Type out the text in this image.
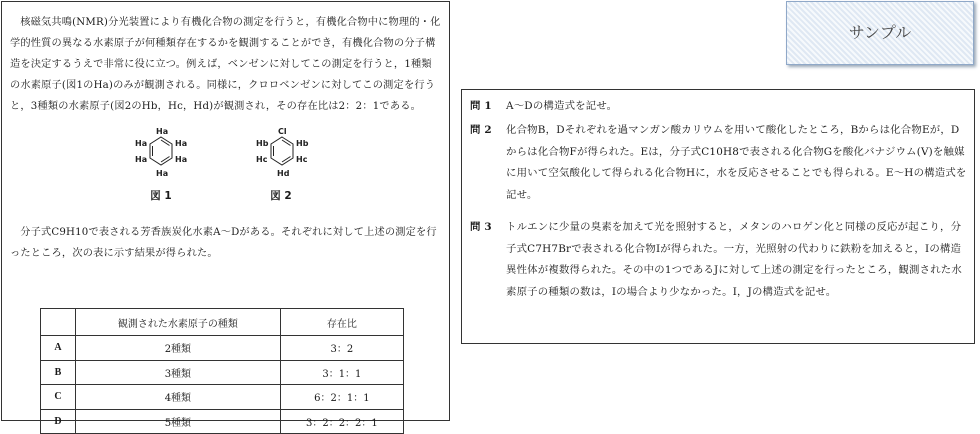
核磁気共鳴(NMR)分光装置により有機化合物の測定を行うと，有機化合物中に物理的・化学的性質の異なる水素原子が何種類存在するかを観測することができ，有機化合物の分子構造を決定するうえで非常に役に立つ。例えば，ベンゼンに対してこの測定を行うと，1種類の水素原子(図1のHa)のみが観測される。同様に，クロロベンゼンに対してこの測定を行うと，3種類の水素原子(図2のHb，Hc，Hd)が観測され，その存在比は2：2：1である。

Ha
Ha
Ha
Ha
Ha
Ha
図 1
Cl
Hb
Hb
Hc
Hc
Hd
図 2

分子式C9H10で表される芳香族炭化水素A～Dがある。それぞれに対して上述の測定を行ったところ，次の表に示す結果が得られた。

	観測された水素原子の種類	存在比
A	2種類	3：2
B	3種類	3：1：1
C	4種類	6：2：1：1
D	5種類	3：2：2：2：1
サンプル
問 1	A～Dの構造式を記せ。
問 2	化合物B，Dそれぞれを過マンガン酸カリウムを用いて酸化したところ，Bからは化合物Eが，Dからは化合物Fが得られた。Eは，分子式C10H8で表される化合物Gを酸化バナジウム(V)を触媒に用いて空気酸化して得られる化合物Hに，水を反応させることでも得られる。E～Hの構造式を記せ。
問 3	トルエンに少量の臭素を加えて光を照射すると，メタンのハロゲン化と同様の反応が起こり，分子式C7H7Brで表される化合物Iが得られた。一方，光照射の代わりに鉄粉を加えると，Iの構造異性体が複数得られた。その中の1つであるJに対して上述の測定を行ったところ，観測された水素原子の種類の数は，Iの場合より少なかった。I，Jの構造式を記せ。
